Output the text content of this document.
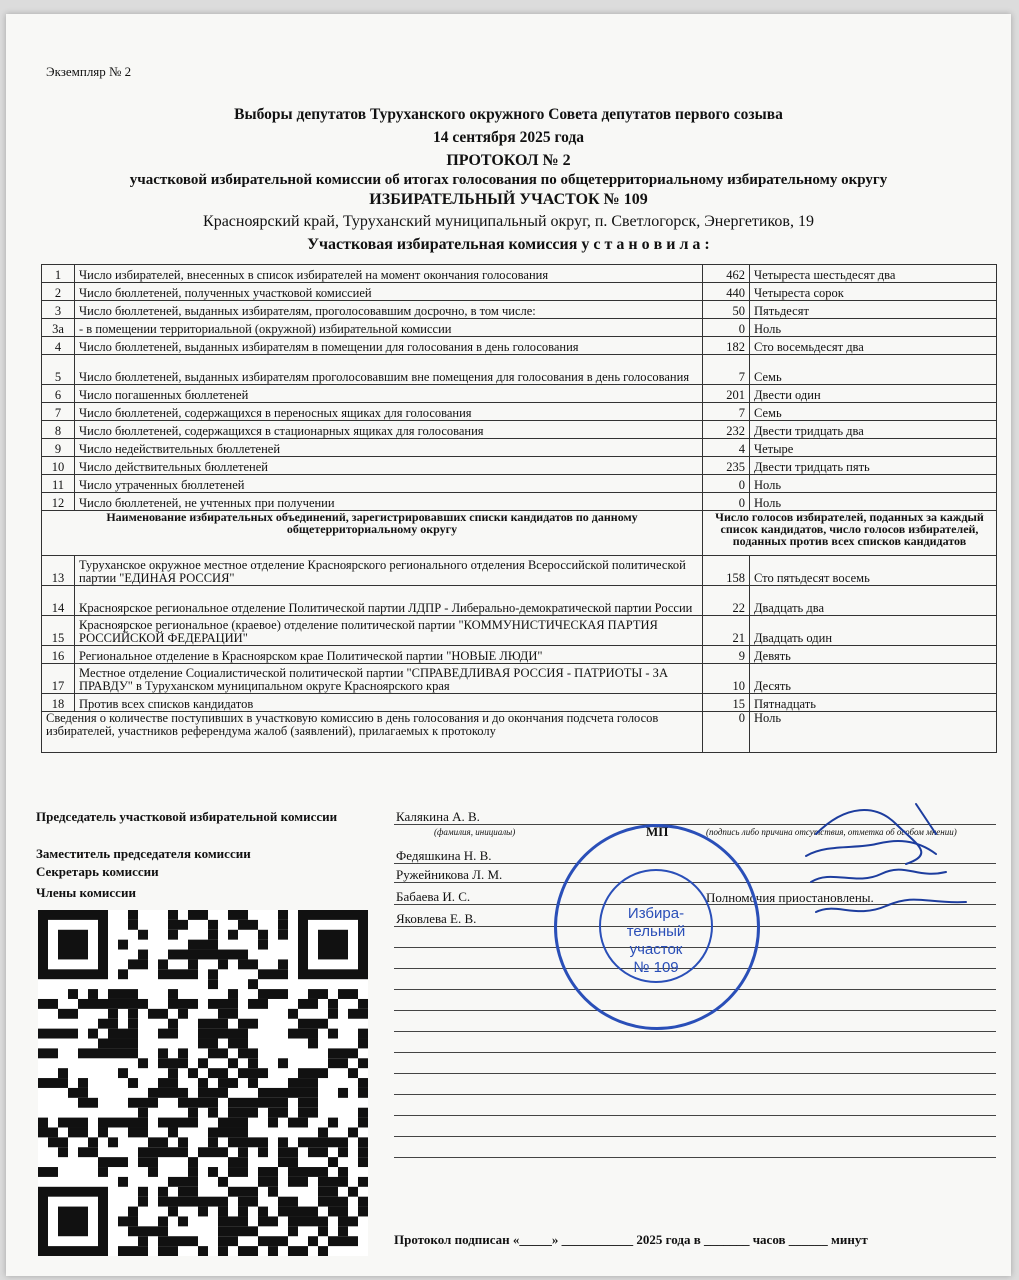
Экземпляр № 2
Выборы депутатов Туруханского окружного Совета депутатов первого созыва
14 сентября 2025 года
ПРОТОКОЛ № 2
участковой избирательной комиссии об итогах голосования по общетерриториальному избирательному округу
ИЗБИРАТЕЛЬНЫЙ УЧАСТОК № 109
Красноярский край, Туруханский муниципальный округ, п. Светлогорск, Энергетиков, 19
Участковая избирательная комиссия у с т а н о в и л а :
1	Число избирателей, внесенных в список избирателей на момент окончания голосования	462	Четыреста шестьдесят два
2	Число бюллетеней, полученных участковой комиссией	440	Четыреста сорок
3	Число бюллетеней, выданных избирателям, проголосовавшим досрочно, в том числе:	50	Пятьдесят
3а	- в помещении территориальной (окружной) избирательной комиссии	0	Ноль
4	Число бюллетеней, выданных избирателям в помещении для голосования в день голосования	182	Сто восемьдесят два
5	Число бюллетеней, выданных избирателям проголосовавшим вне помещения для голосования в день голосования	7	Семь
6	Число погашенных бюллетеней	201	Двести один
7	Число бюллетеней, содержащихся в переносных ящиках для голосования	7	Семь
8	Число бюллетеней, содержащихся в стационарных ящиках для голосования	232	Двести тридцать два
9	Число недействительных бюллетеней	4	Четыре
10	Число действительных бюллетеней	235	Двести тридцать пять
11	Число утраченных бюллетеней	0	Ноль
12	Число бюллетеней, не учтенных при получении	0	Ноль
Наименование избирательных объединений, зарегистрировавших списки кандидатов по данному общетерриториальному округу		Число голосов избирателей, поданных за каждый список кандидатов, число голосов избирателей, поданных против всех списков кандидатов	
13	Туруханское окружное местное отделение Красноярского регионального отделения Всероссийской политической партии "ЕДИНАЯ РОССИЯ"	158	Сто пятьдесят восемь
14	Красноярское региональное отделение Политической партии ЛДПР - Либерально-демократической партии России	22	Двадцать два
15	Красноярское региональное (краевое) отделение политической партии "КОММУНИСТИЧЕСКАЯ ПАРТИЯ РОССИЙСКОЙ ФЕДЕРАЦИИ"	21	Двадцать один
16	Региональное отделение в Красноярском крае Политической партии "НОВЫЕ ЛЮДИ"	9	Девять
17	Местное отделение Социалистической политической партии "СПРАВЕДЛИВАЯ РОССИЯ - ПАТРИОТЫ - ЗА ПРАВДУ" в Туруханском муниципальном округе Красноярского края	10	Десять
18	Против всех списков кандидатов	15	Пятнадцать
Сведения о количестве поступивших в участковую комиссию в день голосования и до окончания подсчета голосов избирателей, участников референдума жалоб (заявлений), прилагаемых к протоколу		0	Ноль
Председатель участковой избирательной комиссии	Калякина А. В.
(фамилия, инициалы)	МП	(подпись либо причина отсутствия, отметка об особом мнении)
Заместитель председателя комиссии	Федяшкина Н. В.
Секретарь комиссии	Ружейникова Л. М.
Члены комиссии	Бабаева И. С.	Полномочия приостановлены.
Яковлева Е. В.	Избира-
тельный
участок
№ 109
Протокол подписан «_____» ___________ 2025 года в _______ часов ______ минут
